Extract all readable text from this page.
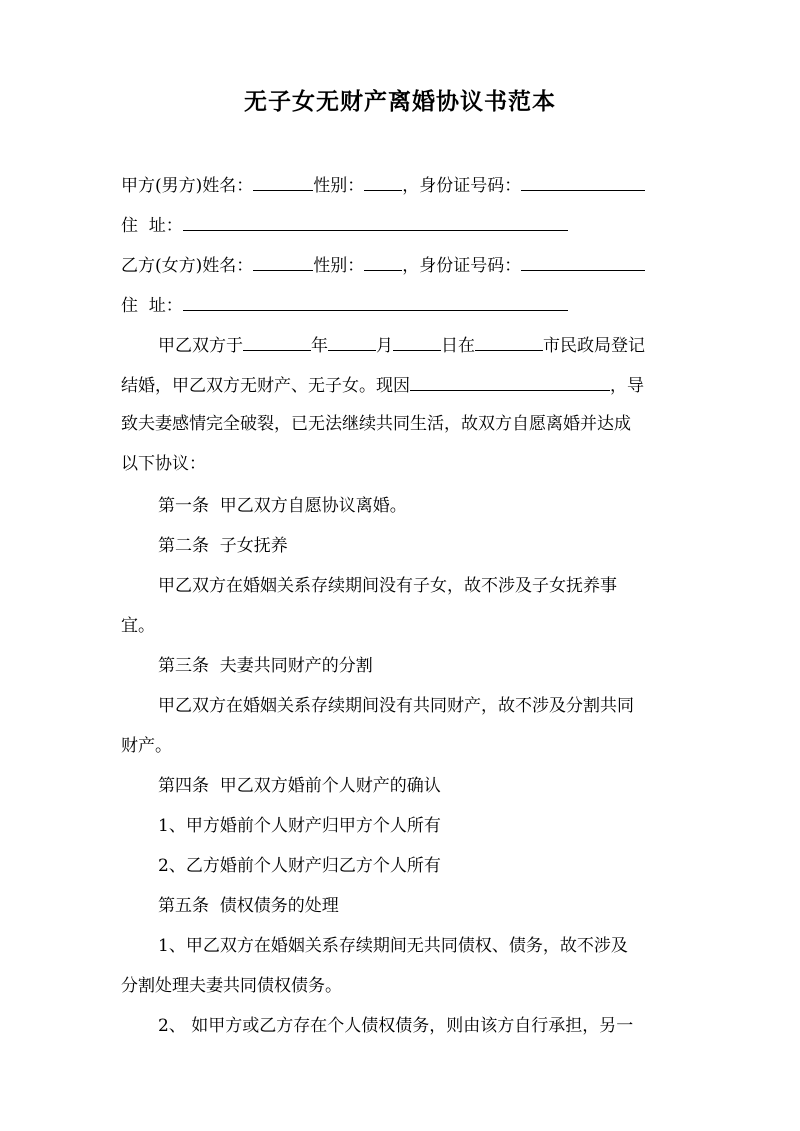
无子女无财产离婚协议书范本
甲方(男方)姓名：	性别： ，身份证号码：
住  址：
乙方(女方)姓名：	性别： ，身份证号码：
住  址：
甲乙双方于	年	月	日在	市民政局登记
结婚，甲乙双方无财产、无子女。现因	，导
致夫妻感情完全破裂，已无法继续共同生活，故双方自愿离婚并达成
以下协议：
第一条  甲乙双方自愿协议离婚。
第二条  子女抚养
甲乙双方在婚姻关系存续期间没有子女，故不涉及子女抚养事
宜。
第三条  夫妻共同财产的分割
甲乙双方在婚姻关系存续期间没有共同财产，故不涉及分割共同
财产。
第四条  甲乙双方婚前个人财产的确认
1、甲方婚前个人财产归甲方个人所有
2、乙方婚前个人财产归乙方个人所有
第五条  债权债务的处理
1、甲乙双方在婚姻关系存续期间无共同债权、债务，故不涉及
分割处理夫妻共同债权债务。
2、 如甲方或乙方存在个人债权债务，则由该方自行承担，另一
